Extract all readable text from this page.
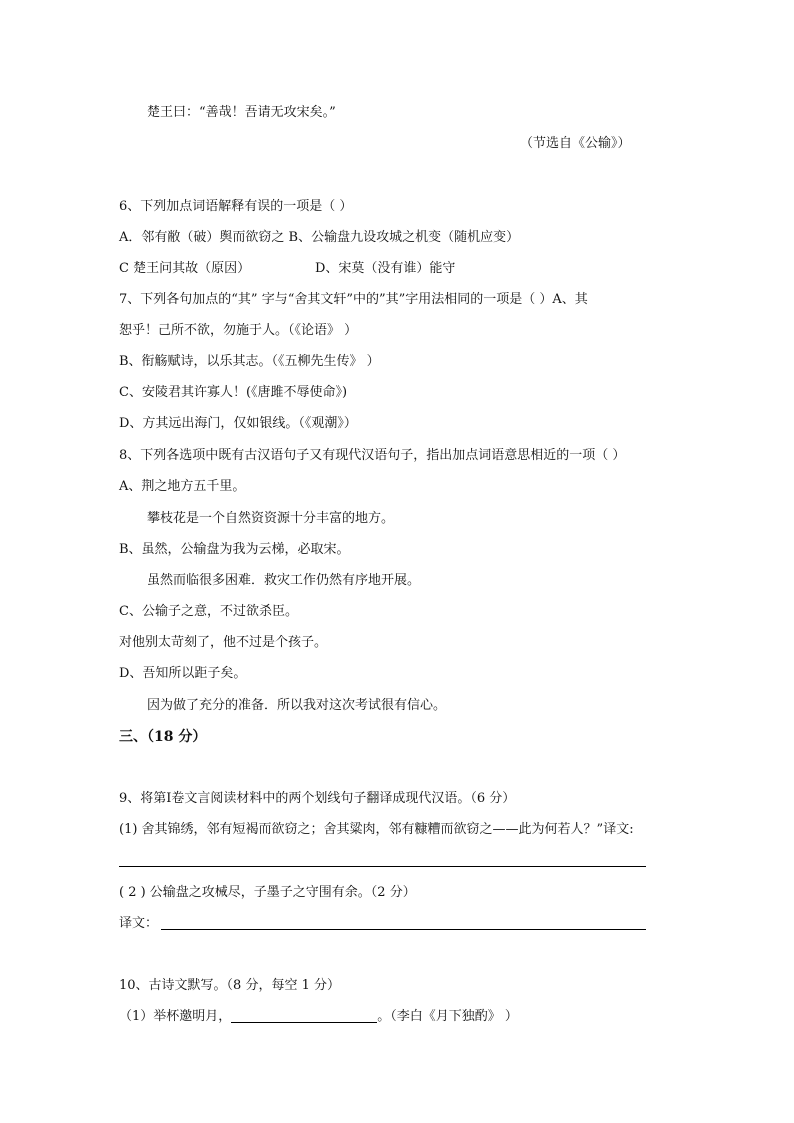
楚王曰：“善哉！吾请无攻宋矣。”
（节选自《公输》）
6、下列加点词语解释有误的一项是（ ）
A．邻有敝（破）舆而欲窃之 B、公输盘九设攻城之机变（随机应变）
C 楚王问其故（原因）	D、宋莫（没有谁）能守
7、下列各句加点的“其” 字与“舍其文轩”中的”其”字用法相同的一项是（ ）A、其
恕乎！己所不欲，勿施于人。（《论语》 ）
B、衔觞赋诗，以乐其志。（《五柳先生传》 ）
C、安陵君其许寡人！(《唐雎不辱使命》)
D、方其远出海门，仅如银线。（《观潮》）
8、下列各选项中既有古汉语句子又有现代汉语句子，指出加点词语意思相近的一项（ ）
A、荆之地方五千里。
攀枝花是一个自然资资源十分丰富的地方。
B、虽然，公输盘为我为云梯，必取宋。
虽然而临很多困难．救灾工作仍然有序地开展。
C、公输子之意，不过欲杀臣。
对他别太苛刻了，他不过是个孩子。
D、吾知所以距子矣。
因为做了充分的准备．所以我对这次考试很有信心。
三、（18 分）
9、将第Ⅰ卷文言阅读材料中的两个划线句子翻译成现代汉语。（6 分）
(1) 舍其锦绣，邻有短褐而欲窃之；舍其粱肉，邻有糠糟而欲窃之——此为何若人？”译文:
( 2 ) 公输盘之攻械尽，子墨子之守围有余。（2 分）
译文：
10、古诗文默写。（8 分，每空 1 分）
（1）举杯邀明月，	。（李白《月下独酌》 ）
